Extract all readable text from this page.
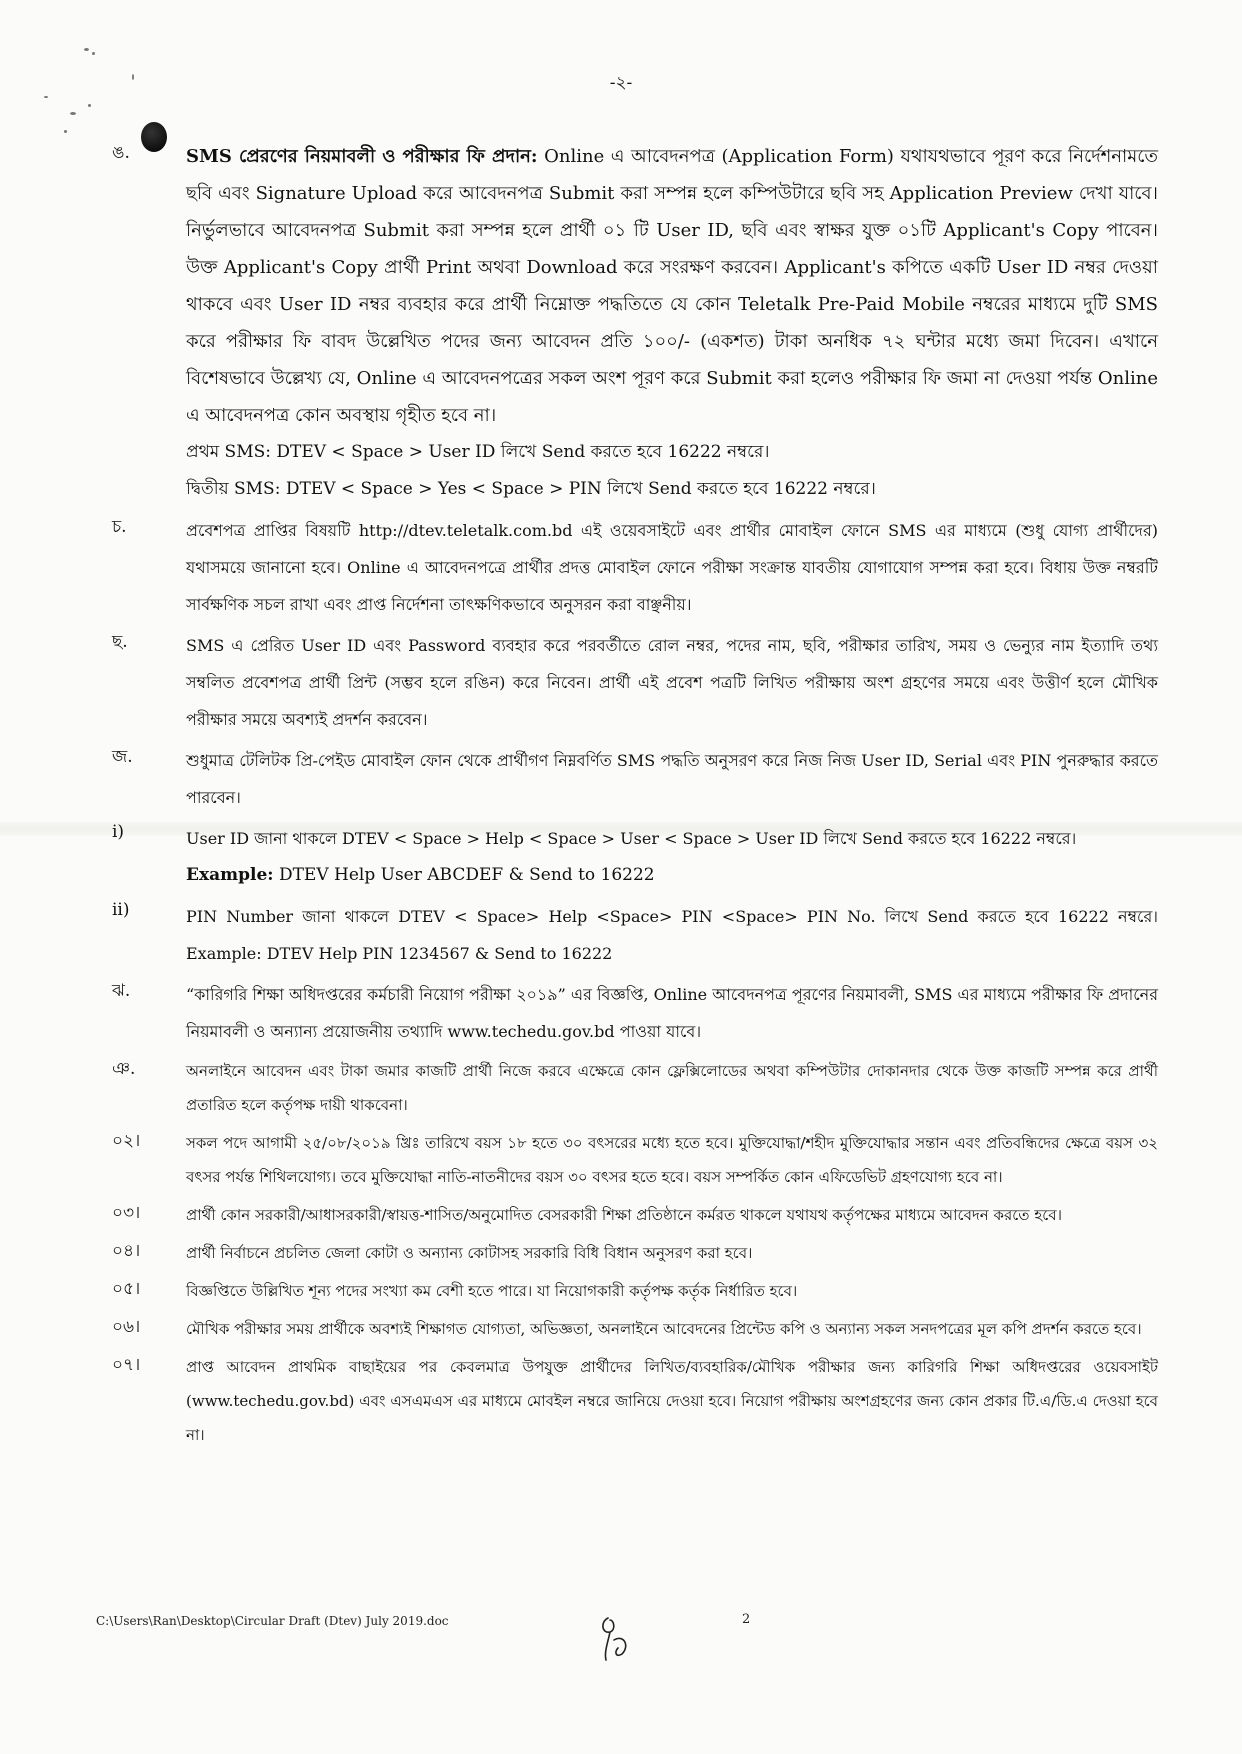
-২-
ঙ.	SMS প্রেরণের নিয়মাবলী ও পরীক্ষার ফি প্রদান: Online এ আবেদনপত্র (Application Form) যথাযথভাবে পূরণ করে নির্দেশনামতে ছবি এবং Signature Upload করে আবেদনপত্র Submit করা সম্পন্ন হলে কম্পিউটারে ছবি সহ Application Preview দেখা যাবে। নির্ভুলভাবে আবেদনপত্র Submit করা সম্পন্ন হলে প্রার্থী ০১ টি User ID, ছবি এবং স্বাক্ষর যুক্ত ০১টি Applicant's Copy পাবেন। উক্ত Applicant's Copy প্রার্থী Print অথবা Download করে সংরক্ষণ করবেন। Applicant's কপিতে একটি User ID নম্বর দেওয়া থাকবে এবং User ID নম্বর ব্যবহার করে প্রার্থী নিম্নোক্ত পদ্ধতিতে যে কোন Teletalk Pre-Paid Mobile নম্বরের মাধ্যমে দুটি SMS করে পরীক্ষার ফি বাবদ উল্লেখিত পদের জন্য আবেদন প্রতি ১০০/- (একশত) টাকা অনধিক ৭২ ঘন্টার মধ্যে জমা দিবেন। এখানে বিশেষভাবে উল্লেখ্য যে, Online এ আবেদনপত্রের সকল অংশ পূরণ করে Submit করা হলেও পরীক্ষার ফি জমা না দেওয়া পর্যন্ত Online এ আবেদনপত্র কোন অবস্থায় গৃহীত হবে না।
প্রথম SMS: DTEV < Space > User ID লিখে Send করতে হবে 16222 নম্বরে।
দ্বিতীয় SMS: DTEV < Space > Yes < Space > PIN লিখে Send করতে হবে 16222 নম্বরে।
চ.	প্রবেশপত্র প্রাপ্তির বিষয়টি http://dtev.teletalk.com.bd এই ওয়েবসাইটে এবং প্রার্থীর মোবাইল ফোনে SMS এর মাধ্যমে (শুধু যোগ্য প্রার্থীদের) যথাসময়ে জানানো হবে। Online এ আবেদনপত্রে প্রার্থীর প্রদত্ত মোবাইল ফোনে পরীক্ষা সংক্রান্ত যাবতীয় যোগাযোগ সম্পন্ন করা হবে। বিধায় উক্ত নম্বরটি সার্বক্ষণিক সচল রাখা এবং প্রাপ্ত নির্দেশনা তাৎক্ষণিকভাবে অনুসরন করা বাঞ্ছনীয়।
ছ.	SMS এ প্রেরিত User ID এবং Password ব্যবহার করে পরবর্তীতে রোল নম্বর, পদের নাম, ছবি, পরীক্ষার তারিখ, সময় ও ভেন্যুর নাম ইত্যাদি তথ্য সম্বলিত প্রবেশপত্র প্রার্থী প্রিন্ট (সম্ভব হলে রঙিন) করে নিবেন। প্রার্থী এই প্রবেশ পত্রটি লিখিত পরীক্ষায় অংশ গ্রহণের সময়ে এবং উত্তীর্ণ হলে মৌখিক পরীক্ষার সময়ে অবশ্যই প্রদর্শন করবেন।
জ.	শুধুমাত্র টেলিটক প্রি-পেইড মোবাইল ফোন থেকে প্রার্থীগণ নিম্নবর্ণিত SMS পদ্ধতি অনুসরণ করে নিজ নিজ User ID, Serial এবং PIN পুনরুদ্ধার করতে পারবেন।
i)	User ID জানা থাকলে DTEV < Space > Help < Space > User < Space > User ID লিখে Send করতে হবে 16222 নম্বরে।
Example: DTEV Help User ABCDEF & Send to 16222
ii)	PIN Number জানা থাকলে DTEV < Space> Help <Space> PIN <Space> PIN No. লিখে Send করতে হবে 16222 নম্বরে। Example: DTEV Help PIN 1234567 & Send to 16222
ঝ.	“কারিগরি শিক্ষা অধিদপ্তরের কর্মচারী নিয়োগ পরীক্ষা ২০১৯” এর বিজ্ঞপ্তি, Online আবেদনপত্র পূরণের নিয়মাবলী, SMS এর মাধ্যমে পরীক্ষার ফি প্রদানের নিয়মাবলী ও অন্যান্য প্রয়োজনীয় তথ্যাদি www.techedu.gov.bd পাওয়া যাবে।
ঞ.	অনলাইনে আবেদন এবং টাকা জমার কাজটি প্রার্থী নিজে করবে এক্ষেত্রে কোন ফ্লেক্সিলোডের অথবা কম্পিউটার দোকানদার থেকে উক্ত কাজটি সম্পন্ন করে প্রার্থী প্রতারিত হলে কর্তৃপক্ষ দায়ী থাকবেনা।
০২।	সকল পদে আগামী ২৫/০৮/২০১৯ খ্রিঃ তারিখে বয়স ১৮ হতে ৩০ বৎসরের মধ্যে হতে হবে। মুক্তিযোদ্ধা/শহীদ মুক্তিযোদ্ধার সন্তান এবং প্রতিবন্ধিদের ক্ষেত্রে বয়স ৩২ বৎসর পর্যন্ত শিথিলযোগ্য। তবে মুক্তিযোদ্ধা নাতি-নাতনীদের বয়স ৩০ বৎসর হতে হবে। বয়স সম্পর্কিত কোন এফিডেভিট গ্রহণযোগ্য হবে না।
০৩।	প্রার্থী কোন সরকারী/আধাসরকারী/স্বায়ত্ত-শাসিত/অনুমোদিত বেসরকারী শিক্ষা প্রতিষ্ঠানে কর্মরত থাকলে যথাযথ কর্তৃপক্ষের মাধ্যমে আবেদন করতে হবে।
০৪।	প্রার্থী নির্বাচনে প্রচলিত জেলা কোটা ও অন্যান্য কোটাসহ সরকারি বিধি বিধান অনুসরণ করা হবে।
০৫।	বিজ্ঞপ্তিতে উল্লিখিত শূন্য পদের সংখ্যা কম বেশী হতে পারে। যা নিয়োগকারী কর্তৃপক্ষ কর্তৃক নির্ধারিত হবে।
০৬।	মৌখিক পরীক্ষার সময় প্রার্থীকে অবশ্যই শিক্ষাগত যোগ্যতা, অভিজ্ঞতা, অনলাইনে আবেদনের প্রিন্টেড কপি ও অন্যান্য সকল সনদপত্রের মূল কপি প্রদর্শন করতে হবে।
০৭।	প্রাপ্ত আবেদন প্রাথমিক বাছাইয়ের পর কেবলমাত্র উপযুক্ত প্রার্থীদের লিখিত/ব্যবহারিক/মৌখিক পরীক্ষার জন্য কারিগরি শিক্ষা অধিদপ্তরের ওয়েবসাইট (www.techedu.gov.bd) এবং এসএমএস এর মাধ্যমে মোবইল নম্বরে জানিয়ে দেওয়া হবে। নিয়োগ পরীক্ষায় অংশগ্রহণের জন্য কোন প্রকার টি.এ/ডি.এ দেওয়া হবে না।
C:\Users\Ran\Desktop\Circular Draft (Dtev) July 2019.doc	2
